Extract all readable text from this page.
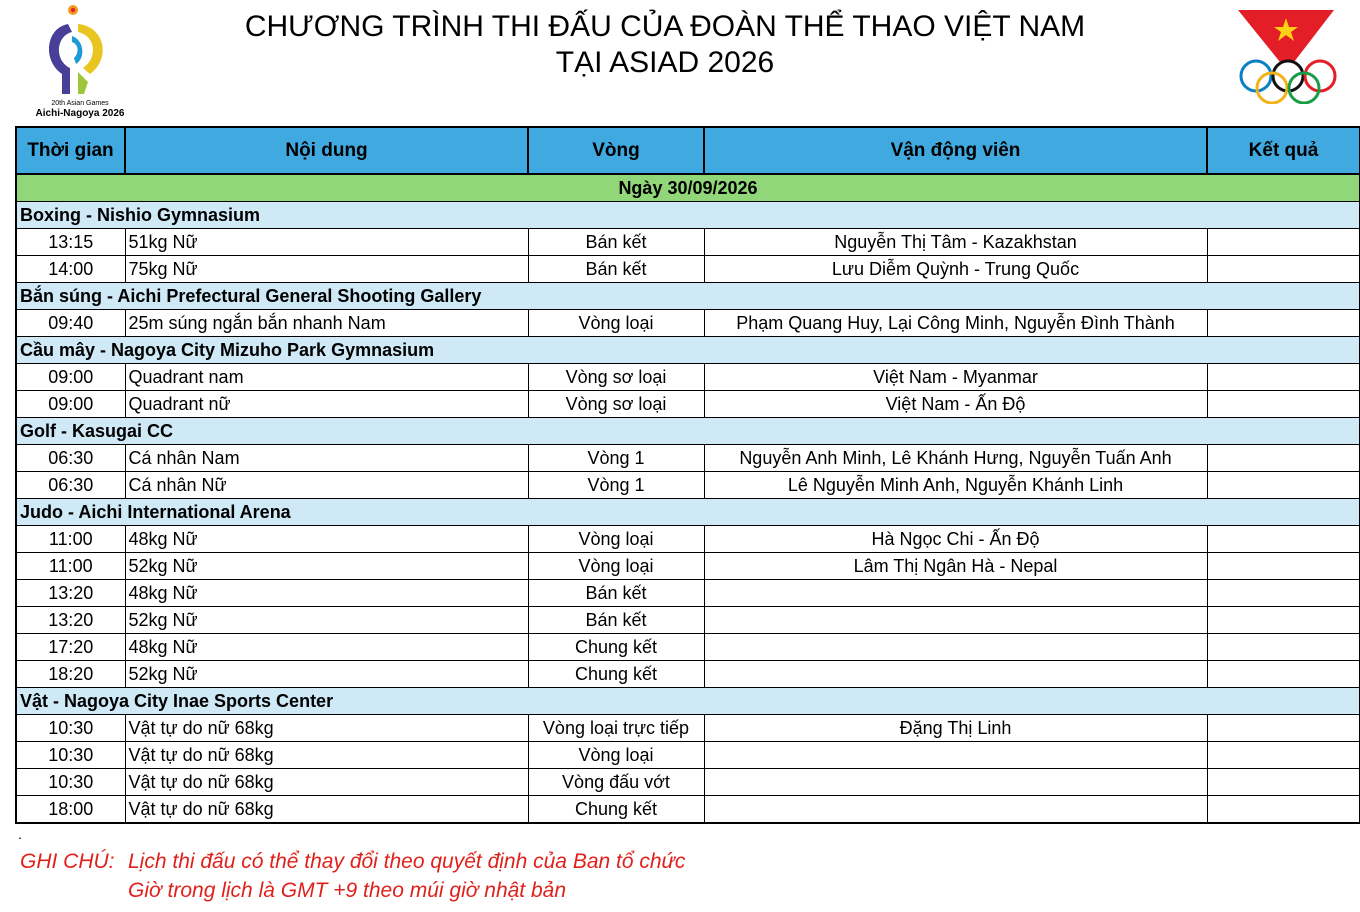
20th Asian Games
Aichi-Nagoya 2026
CHƯƠNG TRÌNH THI ĐẤU CỦA ĐOÀN THỂ THAO VIỆT NAM
TẠI ASIAD 2026
Thời gian	Nội dung	Vòng	Vận động viên	Kết quả
Ngày 30/09/2026				
Boxing - Nishio Gymnasium				
13:15	51kg Nữ	Bán kết	Nguyễn Thị Tâm - Kazakhstan	
14:00	75kg Nữ	Bán kết	Lưu Diễm Quỳnh - Trung Quốc	
Bắn súng - Aichi Prefectural General Shooting Gallery				
09:40	25m súng ngắn bắn nhanh Nam	Vòng loại	Phạm Quang Huy, Lại Công Minh, Nguyễn Đình Thành	
Cầu mây - Nagoya City Mizuho Park Gymnasium				
09:00	Quadrant nam	Vòng sơ loại	Việt Nam - Myanmar	
09:00	Quadrant nữ	Vòng sơ loại	Việt Nam - Ấn Độ	
Golf - Kasugai CC				
06:30	Cá nhân Nam	Vòng 1	Nguyễn Anh Minh, Lê Khánh Hưng, Nguyễn Tuấn Anh	
06:30	Cá nhân Nữ	Vòng 1	Lê Nguyễn Minh Anh, Nguyễn Khánh Linh	
Judo - Aichi International Arena				
11:00	48kg Nữ	Vòng loại	Hà Ngọc Chi - Ấn Độ	
11:00	52kg Nữ	Vòng loại	Lâm Thị Ngân Hà - Nepal	
13:20	48kg Nữ	Bán kết		
13:20	52kg Nữ	Bán kết		
17:20	48kg Nữ	Chung kết		
18:20	52kg Nữ	Chung kết		
Vật - Nagoya City Inae Sports Center				
10:30	Vật tự do nữ 68kg	Vòng loại trực tiếp	Đặng Thị Linh	
10:30	Vật tự do nữ 68kg	Vòng loại		
10:30	Vật tự do nữ 68kg	Vòng đấu vớt		
18:00	Vật tự do nữ 68kg	Chung kết		
.
GHI CHÚ: Lịch thi đấu có thể thay đổi theo quyết định của Ban tổ chức
Giờ trong lịch là GMT +9 theo múi giờ nhật bản
